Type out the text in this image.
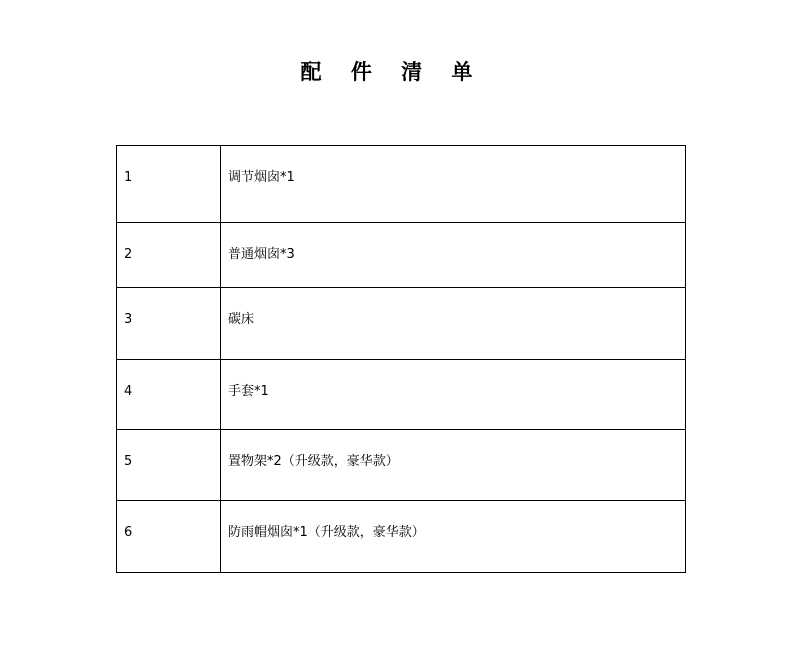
配 件 清 单
1	调节烟囱*1

2	普通烟囱*3

3	碳床

4	手套*1

5	置物架*2（升级款，豪华款）

6	防雨帽烟囱*1（升级款，豪华款）
